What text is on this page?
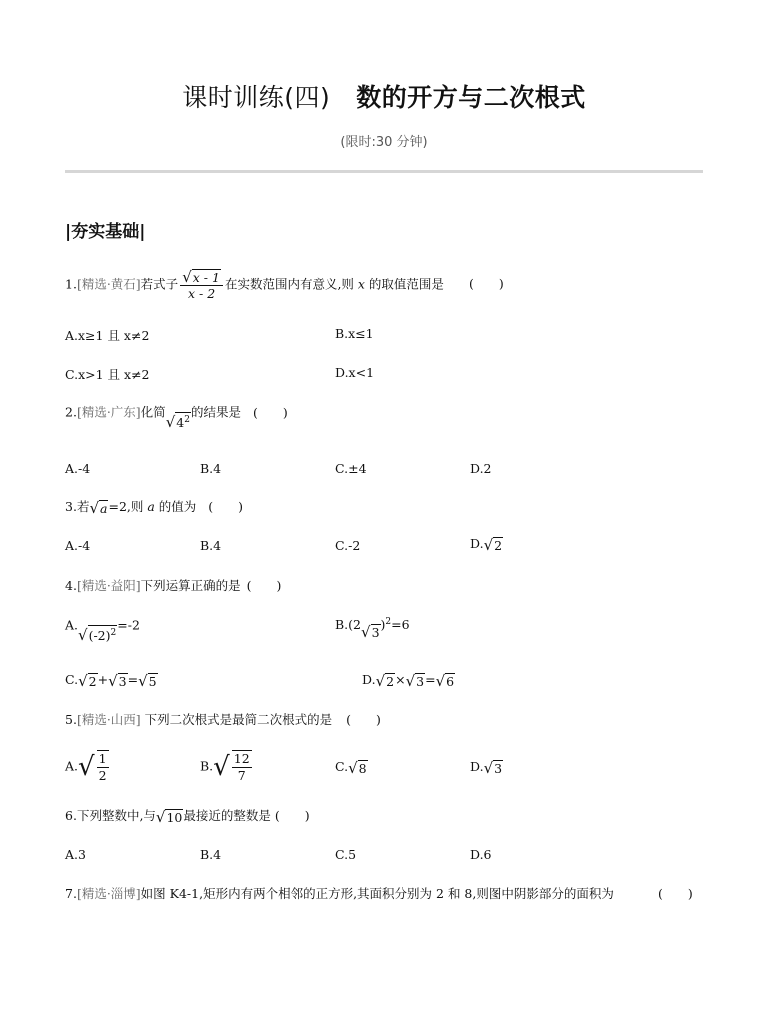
课时训练(四) 数的开方与二次根式
(限时:30 分钟)
|夯实基础|
1.[精选·黄石]若式子 $\frac{√x - 1}{x - 2}$ 在实数范围内有意义,则 x 的取值范围是 (　　)
A.x≥1 且 x≠2	B.x≤1
C.x>1 且 x≠2	D.x<1
2.[精选·广东]化简$√4^2$的结果是 (　　)
A.-4	B.4	C.±4	D.2
3.若√a=2,则 a 的值为 (　　)
A.-4	B.4	C.-2	D.√2
4.[精选·益阳]下列运算正确的是 (　　)
$A.√(-2)^2=-2$	$B.(2√3)^2=6$
C.√2+√3=√5	D.√2×√3=√6
5.[精选·山西] 下列二次根式是最简二次根式的是 (　　)
$A.√ \frac{1}{2}$	$B.√ \frac{12}{7}$	C.√8	D.√3
6.下列整数中,与√10最接近的整数是 (　　)
A.3	B.4	C.5	D.6
7.[精选·淄博]如图 K4-1,矩形内有两个相邻的正方形,其面积分别为 2 和 8,则图中阴影部分的面积为	(　　)
